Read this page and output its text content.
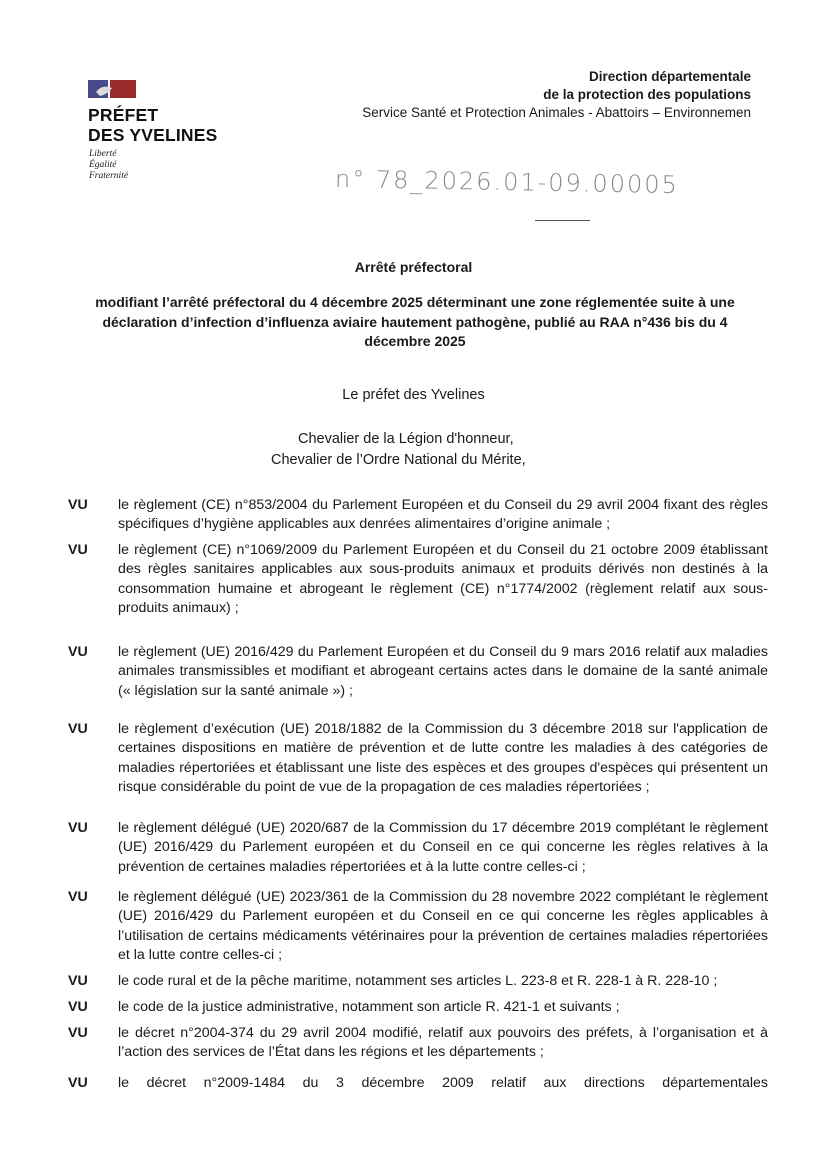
PRÉFET
DES YVELINES
Liberté
Égalité
Fraternité
Direction départementale
de la protection des populations
Service Santé et Protection Animales - Abattoirs – Environnemen
n° 78_2026.01-09.00005
Arrêté préfectoral
modifiant l’arrêté préfectoral du 4 décembre 2025 déterminant une zone réglementée suite à une déclaration d’infection d’influenza aviaire hautement pathogène, publié au RAA n°436 bis du 4 décembre 2025
Le préfet des Yvelines
Chevalier de la Légion d'honneur,
Chevalier de l’Ordre National du Mérite,
VU	le règlement (CE) n°853/2004 du Parlement Européen et du Conseil du 29 avril 2004 fixant des règles spécifiques d’hygiène applicables aux denrées alimentaires d’origine animale ;
VU	le règlement (CE) n°1069/2009 du Parlement Européen et du Conseil du 21 octobre 2009 établissant des règles sanitaires applicables aux sous-produits animaux et produits dérivés non destinés à la consommation humaine et abrogeant le règlement (CE) n°1774/2002 (règlement relatif aux sous-produits animaux) ;
VU	le règlement (UE) 2016/429 du Parlement Européen et du Conseil du 9 mars 2016 relatif aux maladies animales transmissibles et modifiant et abrogeant certains actes dans le domaine de la santé animale (« législation sur la santé animale ») ;
VU	le règlement d’exécution (UE) 2018/1882 de la Commission du 3 décembre 2018 sur l'application de certaines dispositions en matière de prévention et de lutte contre les maladies à des catégories de maladies répertoriées et établissant une liste des espèces et des groupes d'espèces qui présentent un risque considérable du point de vue de la propagation de ces maladies répertoriées ;
VU	le règlement délégué (UE) 2020/687 de la Commission du 17 décembre 2019 complétant le règlement (UE) 2016/429 du Parlement européen et du Conseil en ce qui concerne les règles relatives à la prévention de certaines maladies répertoriées et à la lutte contre celles-ci ;
VU	le règlement délégué (UE) 2023/361 de la Commission du 28 novembre 2022 complétant le règlement (UE) 2016/429 du Parlement européen et du Conseil en ce qui concerne les règles applicables à l’utilisation de certains médicaments vétérinaires pour la prévention de certaines maladies répertoriées et la lutte contre celles-ci ;
VU	le code rural et de la pêche maritime, notamment ses articles L. 223-8 et R. 228-1 à R. 228-10 ;
VU	le code de la justice administrative, notamment son article R. 421-1 et suivants ;
VU	le décret n°2004-374 du 29 avril 2004 modifié, relatif aux pouvoirs des préfets, à l’organisation et à l’action des services de l’État dans les régions et les départements ;
VU	le décret n°2009-1484 du 3 décembre 2009 relatif aux directions départementales
